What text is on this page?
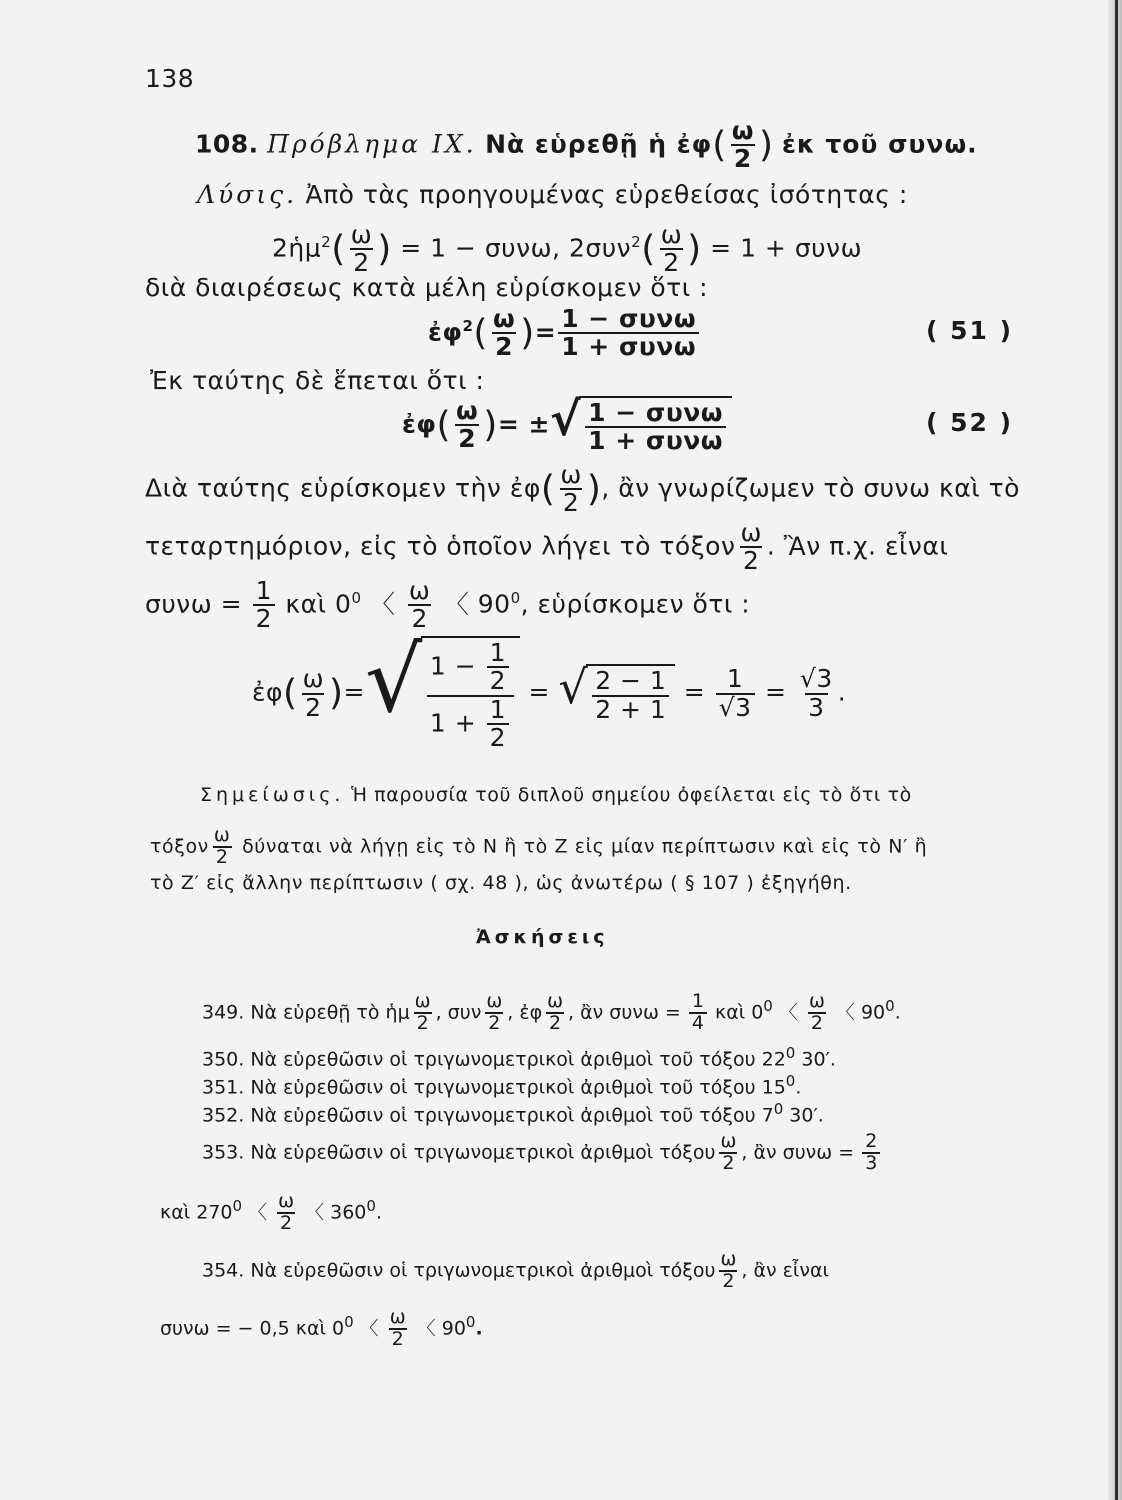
138
108. Πρόβλημα IX. Νὰ εὑρεθῇ ἡ ἐφ( $\frac{\omega}{2}$ ) ἐκ τοῦ συνω.
Λύσις. Ἀπὸ τὰς προηγουμένας εὑρεθείσας ἰσότητας :
2ἡμ$^2$( $\frac{\omega}{2}$ ) = 1 − συνω, $2\sigma\upsilon\nu^2( \frac{\omega}{2}$ ) = 1 + συνω
διὰ διαιρέσεως κατὰ μέλη εὑρίσκομεν ὅτι :
ἐφ$^2$( $\frac{\omega}{2}$ )= $\frac{\text{1 − συνω}}{\text{1 + συνω}}$	( 51 )
Ἐκ ταύτης δὲ ἕπεται ὅτι :
ἐφ( $\frac{\omega}{2}$ )= ± √ $\frac{\text{1 − συνω}}{\text{1 + συνω}}$	( 52 )
Διὰ ταύτης εὑρίσκομεν τὴν ἐφ( $\frac{\omega}{2}$ ), ἂν γνωρίζωμεν τὸ συνω καὶ τὸ
τεταρτημόριον, εἰς τὸ ὁποῖον λήγει τὸ τόξον $\frac{\omega}{2}$ . Ἂν π.χ. εἶναι
$\sigma\upsilon\nu\omega = \frac{1}{2}$ καὶ $0^0$ 〈 $\frac{\omega}{2}$ 〈 $90^0$, εὑρίσκομεν ὅτι :
ἐφ( $\frac{\omega}{2}$ )= √ $\frac{1 - \frac{1}{2}}{1 + \frac{1}{2}}$ = √ $\frac{2 - 1}{2 + 1} = \frac{1}{√3} = \frac{√3}{3}$ .
Σημείωσις. Ἡ παρουσία τοῦ διπλοῦ σημείου ὀφείλεται εἰς τὸ ὅτι τὸ
τόξον $\frac{\omega}{2}$ δύναται νὰ λήγῃ εἰς τὸ Ν ἢ τὸ Ζ εἰς μίαν περίπτωσιν καὶ εἰς τὸ Ν′ ἢ
τὸ Ζ′ εἰς ἄλλην περίπτωσιν ( σχ. 48 ), ὡς ἀνωτέρω ( § 107 ) ἐξηγήθη.
Ἀσκήσεις
349. Νὰ εὑρεθῇ τὸ ἡμ $\frac{\omega}{2}$ , συν $\frac{\omega}{2}$ , ἐφ $\frac{\omega}{2}$ , ἂν $\sigma\upsilon\nu\omega = \frac{1}{4}$ καὶ $0^0$ 〈 $\frac{\omega}{2}$ 〈 $90^0$.
350. Νὰ εὑρεθῶσιν οἱ τριγωνομετρικοὶ ἀριθμοὶ τοῦ τόξου $22^0$ 30′.
351. Νὰ εὑρεθῶσιν οἱ τριγωνομετρικοὶ ἀριθμοὶ τοῦ τόξου $15^0$.
352. Νὰ εὑρεθῶσιν οἱ τριγωνομετρικοὶ ἀριθμοὶ τοῦ τόξου $7^0$ 30′.
353. Νὰ εὑρεθῶσιν οἱ τριγωνομετρικοὶ ἀριθμοὶ τόξου $\frac{\omega}{2}$ , ἂν $\sigma\upsilon\nu\omega = \frac{2}{3}$
καὶ $270^0$ 〈 $\frac{\omega}{2}$ 〈 $360^0$.
354. Νὰ εὑρεθῶσιν οἱ τριγωνομετρικοὶ ἀριθμοὶ τόξου $\frac{\omega}{2}$ , ἂν εἶναι
συνω = − 0,5 καὶ $0^0$ 〈 $\frac{\omega}{2}$ 〈 $90^0$.
